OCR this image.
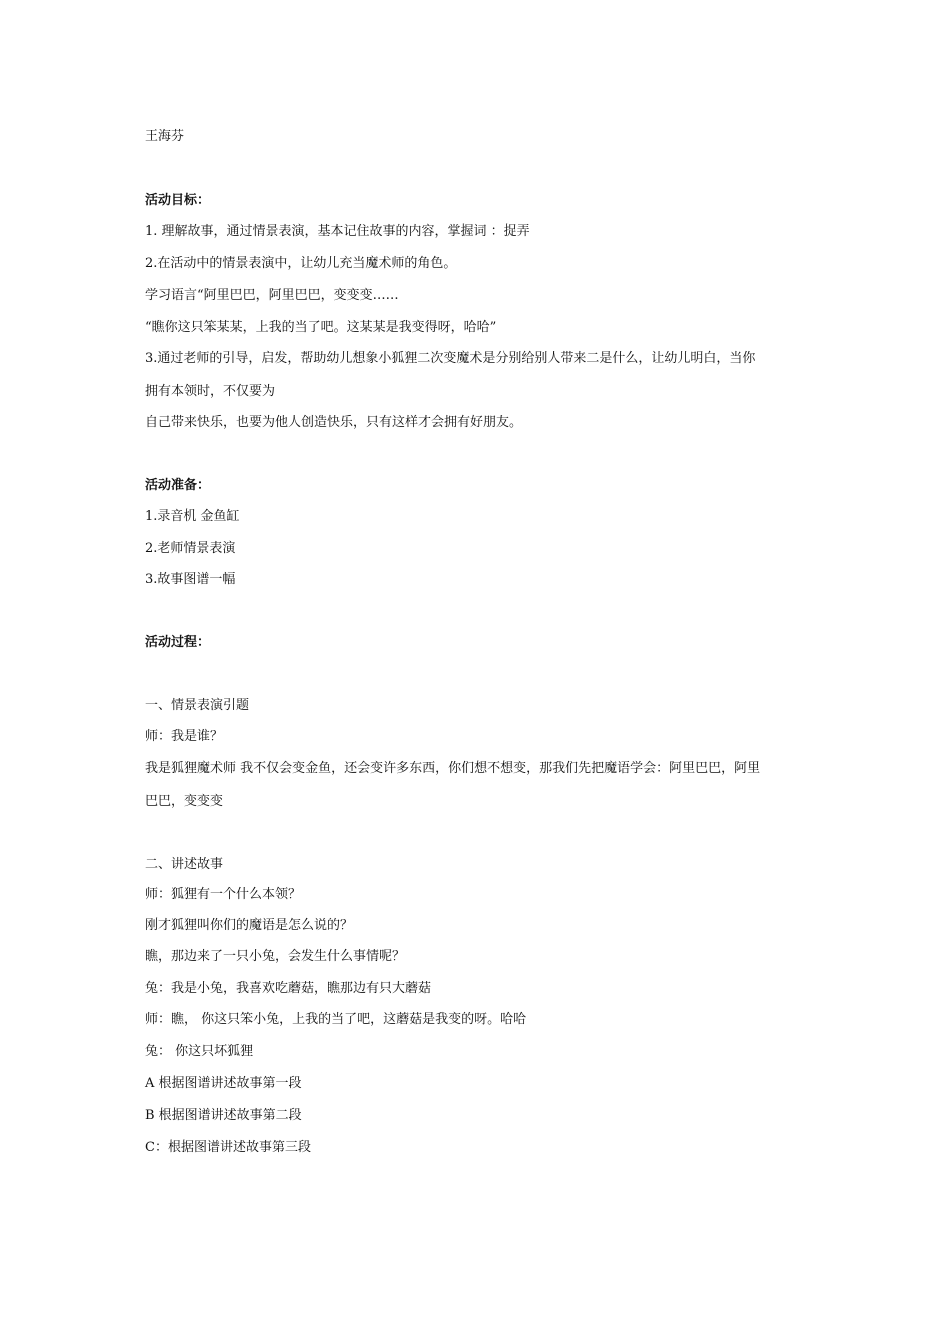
王海芬
活动目标：
1. 理解故事，通过情景表演，基本记住故事的内容，掌握词 ：捉弄
2.在活动中的情景表演中，让幼儿充当魔术师的角色。
学习语言“阿里巴巴，阿里巴巴，变变变……
“瞧你这只笨某某，上我的当了吧。这某某是我变得呀，哈哈”
3.通过老师的引导，启发，帮助幼儿想象小狐狸二次变魔术是分别给别人带来二是什么，让幼儿明白，当你
拥有本领时，不仅要为
自己带来快乐，也要为他人创造快乐，只有这样才会拥有好朋友。
活动准备：
1.录音机 金鱼缸
2.老师情景表演
3.故事图谱一幅
活动过程：
一、情景表演引题
师：我是谁？
我是狐狸魔术师 我不仅会变金鱼，还会变许多东西，你们想不想变，那我们先把魔语学会：阿里巴巴，阿里
巴巴，变变变
二、讲述故事
师：狐狸有一个什么本领？
刚才狐狸叫你们的魔语是怎么说的？
瞧，那边来了一只小兔，会发生什么事情呢？
兔：我是小兔，我喜欢吃蘑菇，瞧那边有只大蘑菇
师：瞧， 你这只笨小兔，上我的当了吧，这蘑菇是我变的呀。哈哈
兔： 你这只坏狐狸
A 根据图谱讲述故事第一段
B 根据图谱讲述故事第二段
C：根据图谱讲述故事第三段
